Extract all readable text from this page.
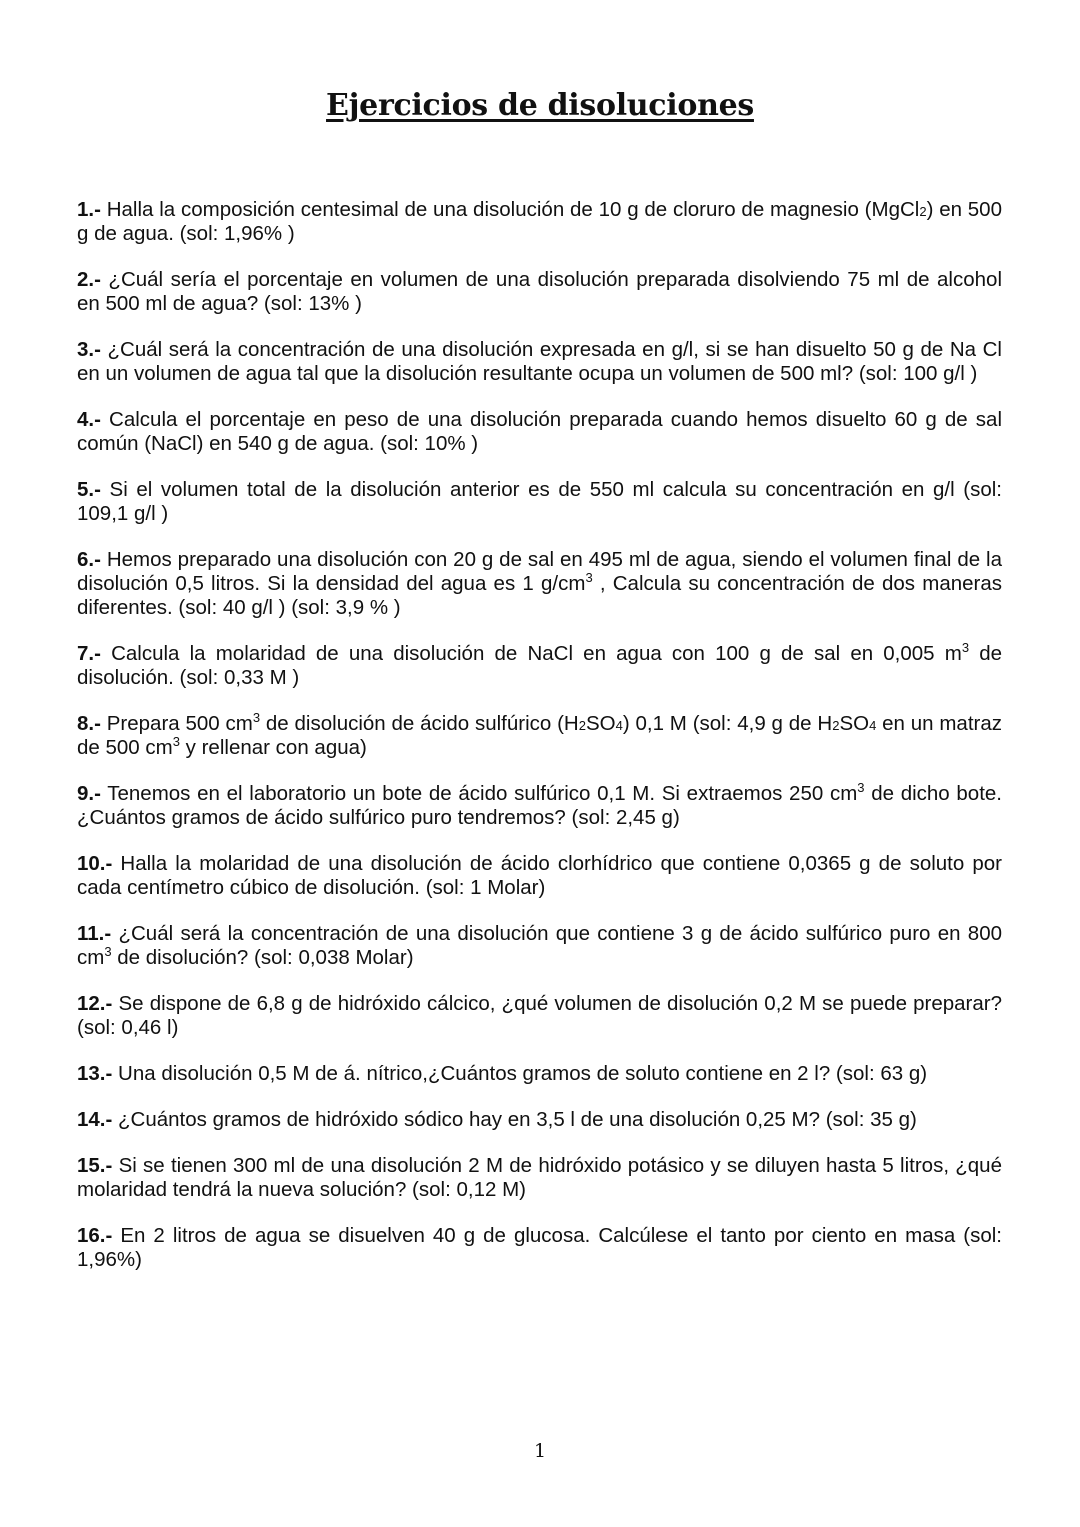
Ejercicios de disoluciones
1.- Halla la composición centesimal de una disolución de 10 g de cloruro de magnesio (MgCl2) en 500 g de agua. (sol: 1,96% )
2.- ¿Cuál sería el porcentaje en volumen de una disolución preparada disolviendo 75 ml de alcohol en 500 ml de agua? (sol: 13% )
3.- ¿Cuál será la concentración de una disolución expresada en g/l, si se han disuelto 50 g de Na Cl en un volumen de agua tal que la disolución resultante ocupa un volumen de 500 ml? (sol: 100 g/l )
4.- Calcula el porcentaje en peso de una disolución preparada cuando hemos disuelto 60 g de sal común (NaCl) en 540 g de agua. (sol: 10% )
5.- Si el volumen total de la disolución anterior es de 550 ml calcula su concentración en g/l (sol: 109,1 g/l )
6.- Hemos preparado una disolución con 20 g de sal en 495 ml de agua, siendo el volumen final de la disolución 0,5 litros. Si la densidad del agua es 1 $g/cm^3$ , Calcula su concentración de dos maneras diferentes. (sol: 40 g/l ) (sol: 3,9 % )
7.- Calcula la molaridad de una disolución de NaCl en agua con 100 g de sal en 0,005 $m^3$ de disolución. (sol: 0,33 M )
8.- Prepara 500 $cm^3$ de disolución de ácido sulfúrico (H2SO4) 0,1 M (sol: 4,9 g de H2SO4 en un matraz de 500 $cm^3$ y rellenar con agua)
9.- Tenemos en el laboratorio un bote de ácido sulfúrico 0,1 M. Si extraemos 250 $cm^3$ de dicho bote. ¿Cuántos gramos de ácido sulfúrico puro tendremos? (sol: 2,45 g)
10.- Halla la molaridad de una disolución de ácido clorhídrico que contiene 0,0365 g de soluto por cada centímetro cúbico de disolución. (sol: 1 Molar)
11.- ¿Cuál será la concentración de una disolución que contiene 3 g de ácido sulfúrico puro en 800 $cm^3$ de disolución? (sol: 0,038 Molar)
12.- Se dispone de 6,8 g de hidróxido cálcico, ¿qué volumen de disolución 0,2 M se puede preparar? (sol: 0,46 l)
13.- Una disolución 0,5 M de á. nítrico,¿Cuántos gramos de soluto contiene en 2 l? (sol: 63 g)
14.- ¿Cuántos gramos de hidróxido sódico hay en 3,5 l de una disolución 0,25 M? (sol: 35 g)
15.- Si se tienen 300 ml de una disolución 2 M de hidróxido potásico y se diluyen hasta 5 litros, ¿qué molaridad tendrá la nueva solución? (sol: 0,12 M)
16.- En 2 litros de agua se disuelven 40 g de glucosa. Calcúlese el tanto por ciento en masa (sol: 1,96%)
1
